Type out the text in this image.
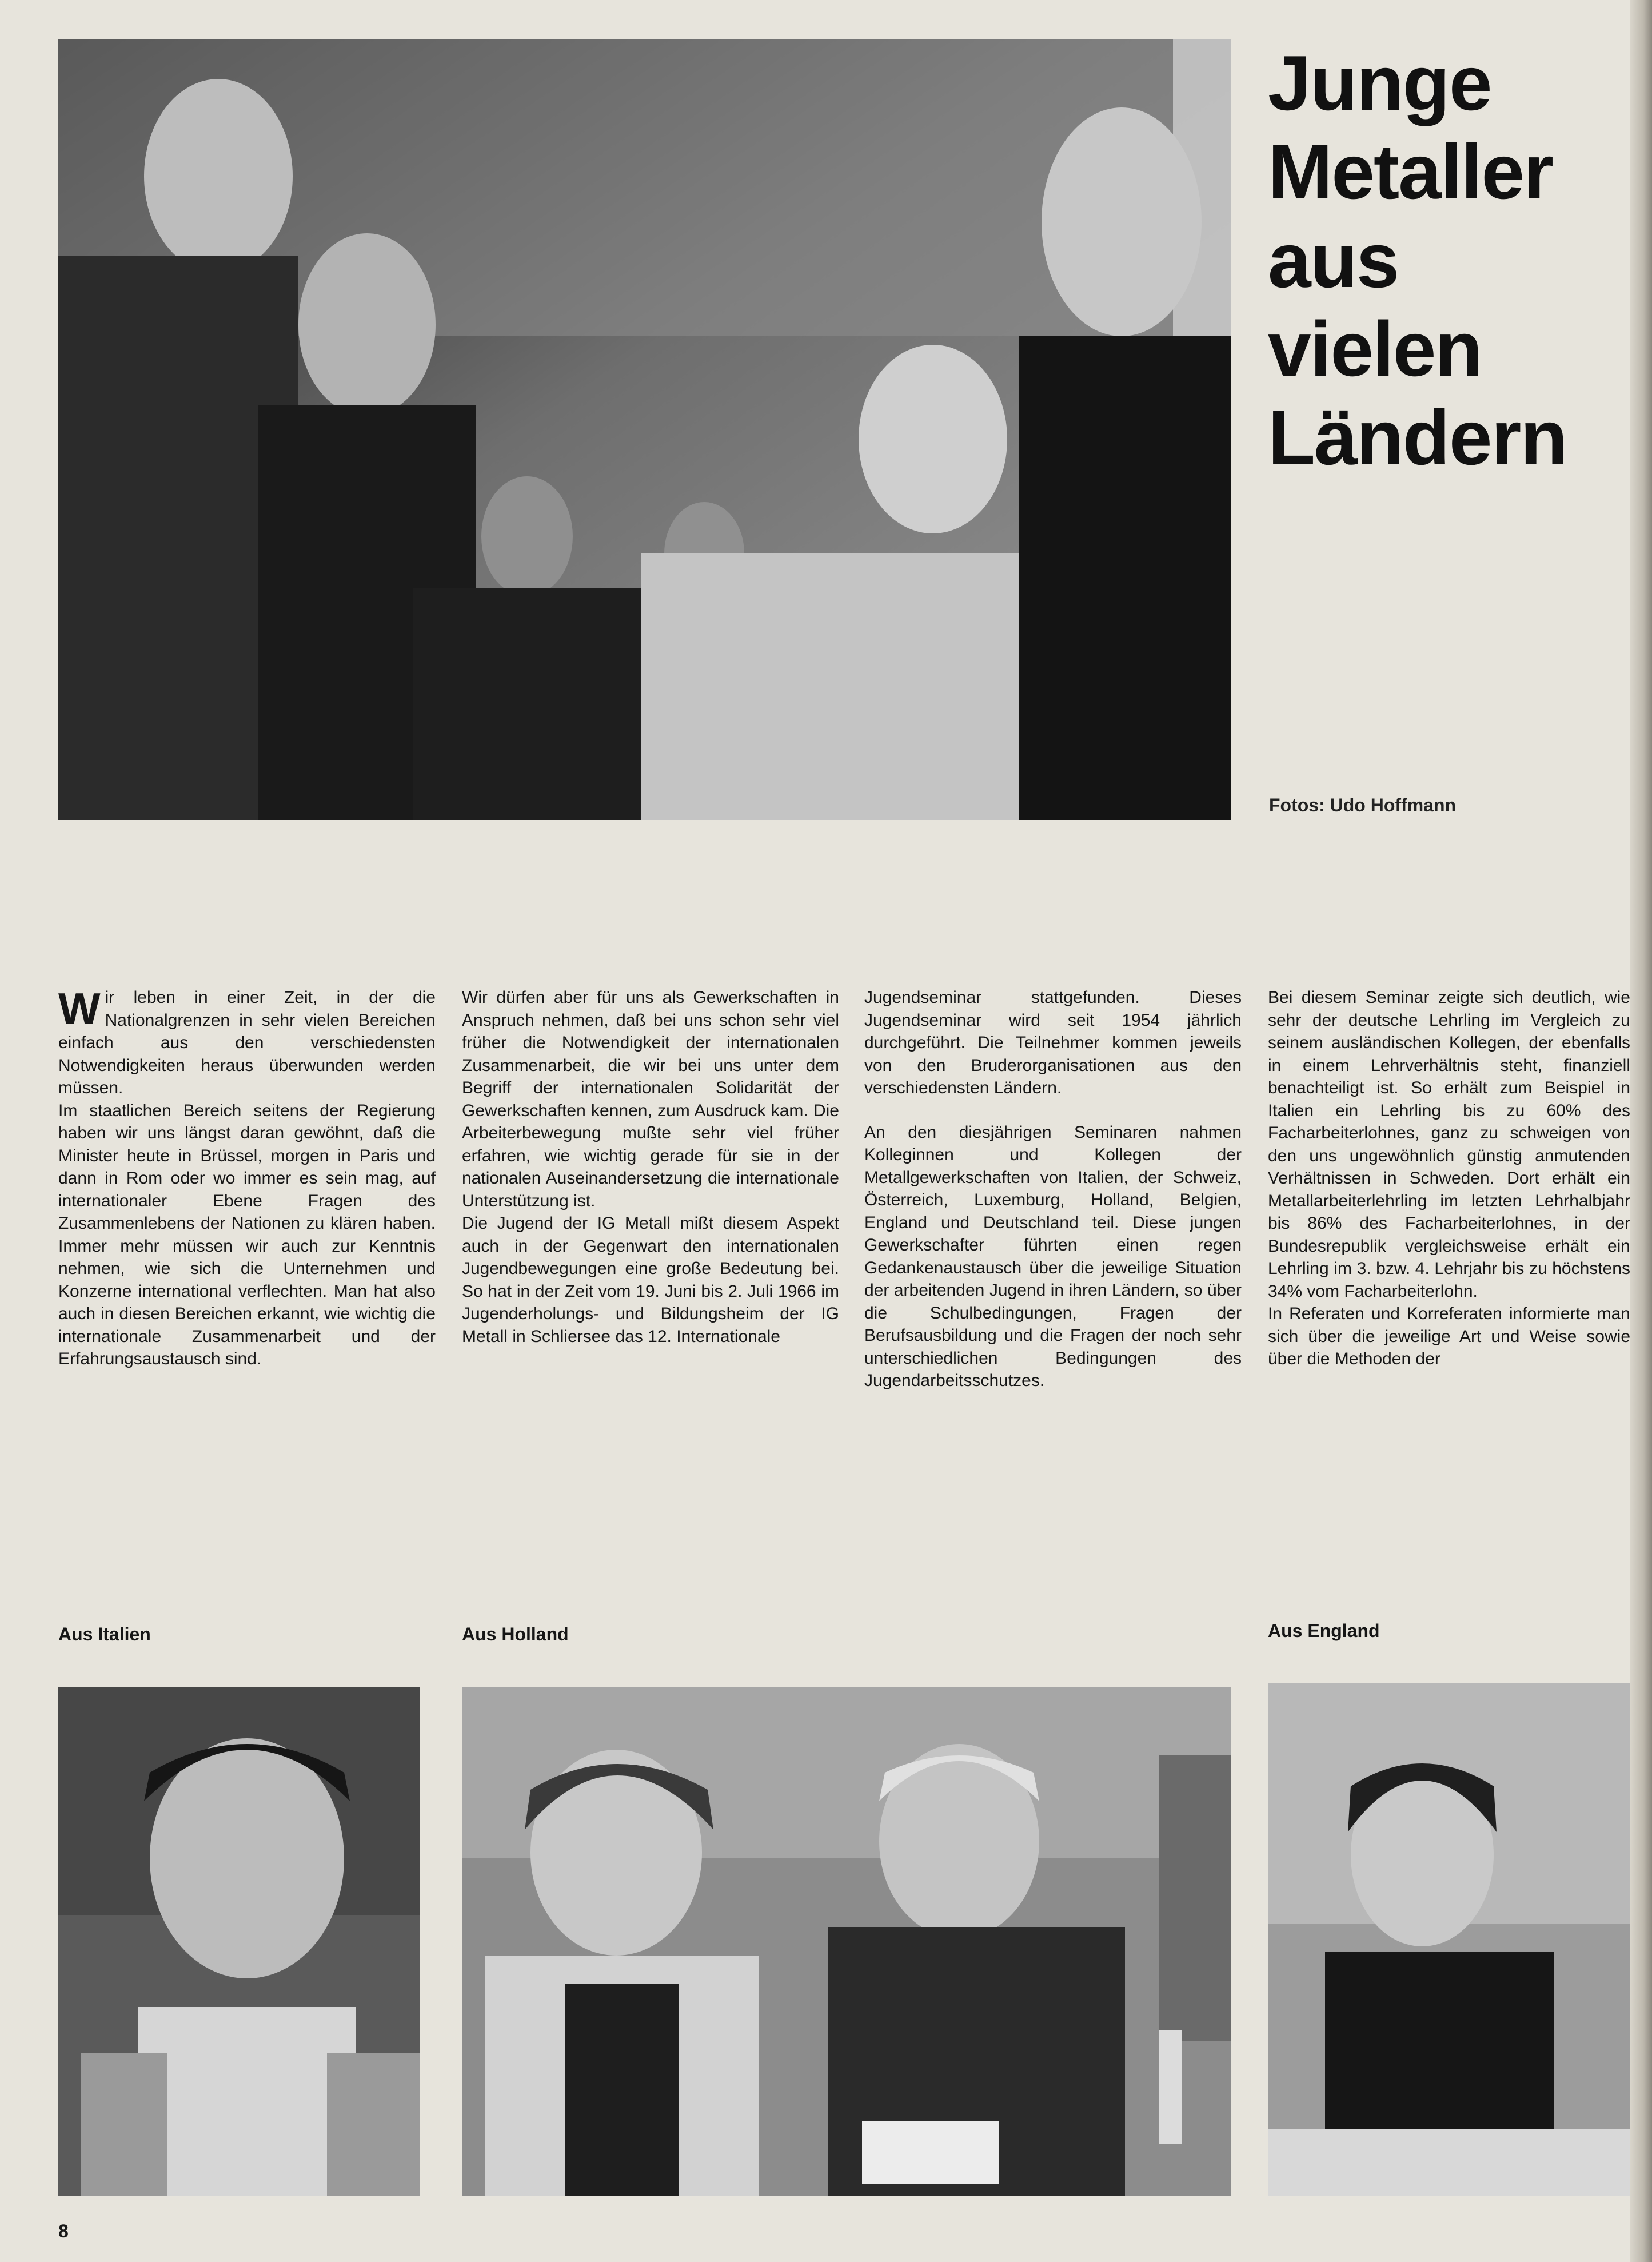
Junge
Metaller
aus
vielen
Ländern
Fotos: Udo Hoffmann

Wir leben in einer Zeit, in der die Nationalgrenzen in sehr vielen Bereichen einfach aus den verschiedensten Notwendigkeiten heraus überwunden werden müssen.

Im staatlichen Bereich seitens der Regierung haben wir uns längst daran gewöhnt, daß die Minister heute in Brüssel, morgen in Paris und dann in Rom oder wo immer es sein mag, auf internationaler Ebene Fragen des Zusammenlebens der Nationen zu klären haben. Immer mehr müssen wir auch zur Kenntnis nehmen, wie sich die Unternehmen und Konzerne international verflechten. Man hat also auch in diesen Bereichen erkannt, wie wichtig die internationale Zusammenarbeit und der Erfahrungsaustausch sind.

Wir dürfen aber für uns als Gewerkschaften in Anspruch nehmen, daß bei uns schon sehr viel früher die Notwendigkeit der internationalen Zusammenarbeit, die wir bei uns unter dem Begriff der internationalen Solidarität der Gewerkschaften kennen, zum Ausdruck kam. Die Arbeiterbewegung mußte sehr viel früher erfahren, wie wichtig gerade für sie in der nationalen Auseinandersetzung die internationale Unterstützung ist.

Die Jugend der IG Metall mißt diesem Aspekt auch in der Gegenwart den internationalen Jugendbewegungen eine große Bedeutung bei. So hat in der Zeit vom 19. Juni bis 2. Juli 1966 im Jugenderholungs- und Bildungsheim der IG Metall in Schliersee das 12. Internationale

Jugendseminar stattgefunden. Dieses Jugendseminar wird seit 1954 jährlich durchgeführt. Die Teilnehmer kommen jeweils von den Bruderorganisationen aus den verschiedensten Ländern.

An den diesjährigen Seminaren nahmen Kolleginnen und Kollegen der Metallgewerkschaften von Italien, der Schweiz, Österreich, Luxemburg, Holland, Belgien, England und Deutschland teil. Diese jungen Gewerkschafter führten einen regen Gedankenaustausch über die jeweilige Situation der arbeitenden Jugend in ihren Ländern, so über die Schulbedingungen, Fragen der Berufsausbildung und die Fragen der noch sehr unterschiedlichen Bedingungen des Jugendarbeitsschutzes.

Bei diesem Seminar zeigte sich deutlich, wie sehr der deutsche Lehrling im Vergleich zu seinem ausländischen Kollegen, der ebenfalls in einem Lehrverhältnis steht, finanziell benachteiligt ist. So erhält zum Beispiel in Italien ein Lehrling bis zu 60% des Facharbeiterlohnes, ganz zu schweigen von den uns ungewöhnlich günstig anmutenden Verhältnissen in Schweden. Dort erhält ein Metallarbeiterlehrling im letzten Lehrhalbjahr bis 86% des Facharbeiterlohnes, in der Bundesrepublik vergleichsweise erhält ein Lehrling im 3. bzw. 4. Lehrjahr bis zu höchstens 34% vom Facharbeiterlohn.

In Referaten und Korreferaten informierte man sich über die jeweilige Art und Weise sowie über die Methoden der

Aus Italien	Aus Holland	Aus England
8
